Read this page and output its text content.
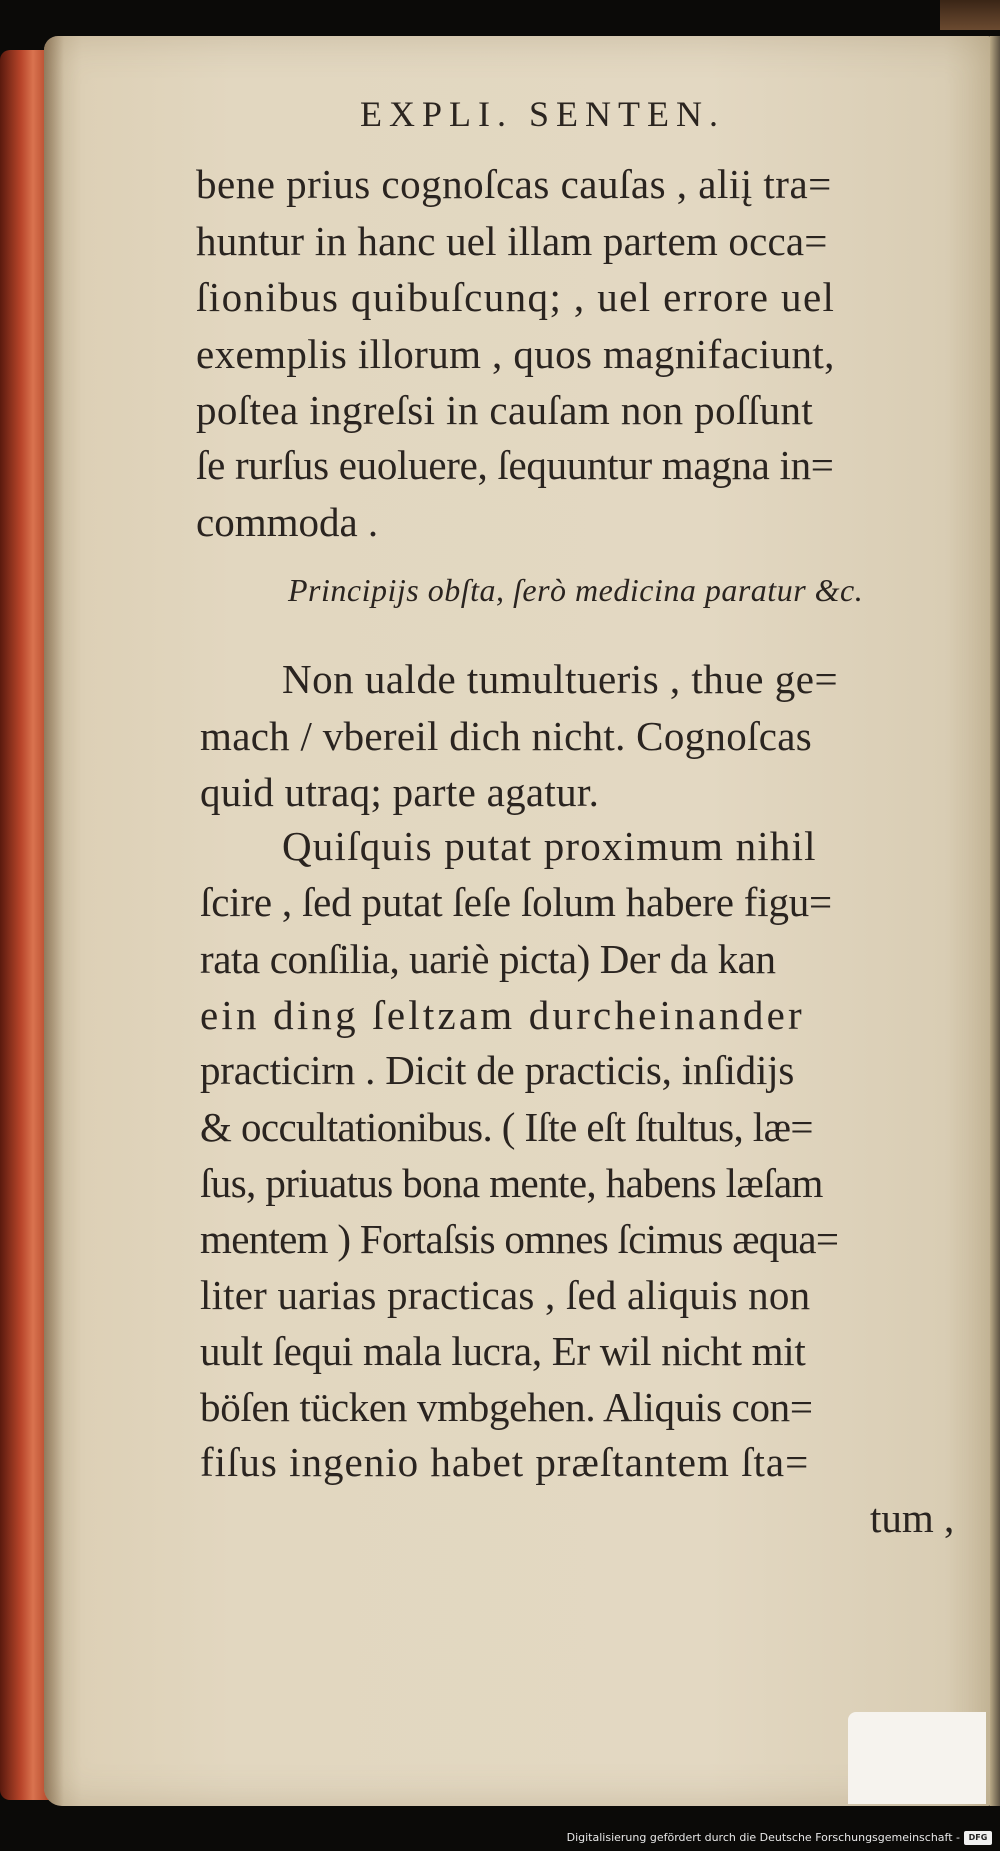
EXPLI. SENTEN.
bene prius cognoſcas cauſas , aliį tra=
huntur in hanc uel illam partem occa=
ſionibus quibuſcunq; , uel errore uel
exemplis illorum , quos magnifaciunt,
poſtea ingreſsi in cauſam non poſſunt
ſe rurſus euoluere, ſequuntur magna in=
commoda .
Principijs obſta, ſerò medicina paratur &c.
Non ualde tumultueris , thue ge=
mach / vbereil dich nicht. Cognoſcas
quid utraq; parte agatur.
Quiſquis putat proximum nihil
ſcire , ſed putat ſeſe ſolum habere figu=
rata conſilia, uariè picta) Der da kan
ein ding ſeltzam durcheinander
practicirn . Dicit de practicis, inſidijs
& occultationibus. ( Iſte eſt ſtultus, læ=
ſus, priuatus bona mente, habens læſam
mentem ) Fortaſsis omnes ſcimus æqua=
liter uarias practicas , ſed aliquis non
uult ſequi mala lucra, Er wil nicht mit
böſen tücken vmbgehen. Aliquis con=
fiſus ingenio habet præſtantem ſta=
tum ,
Digitalisierung gefördert durch die Deutsche Forschungsgemeinschaft -	DFG
